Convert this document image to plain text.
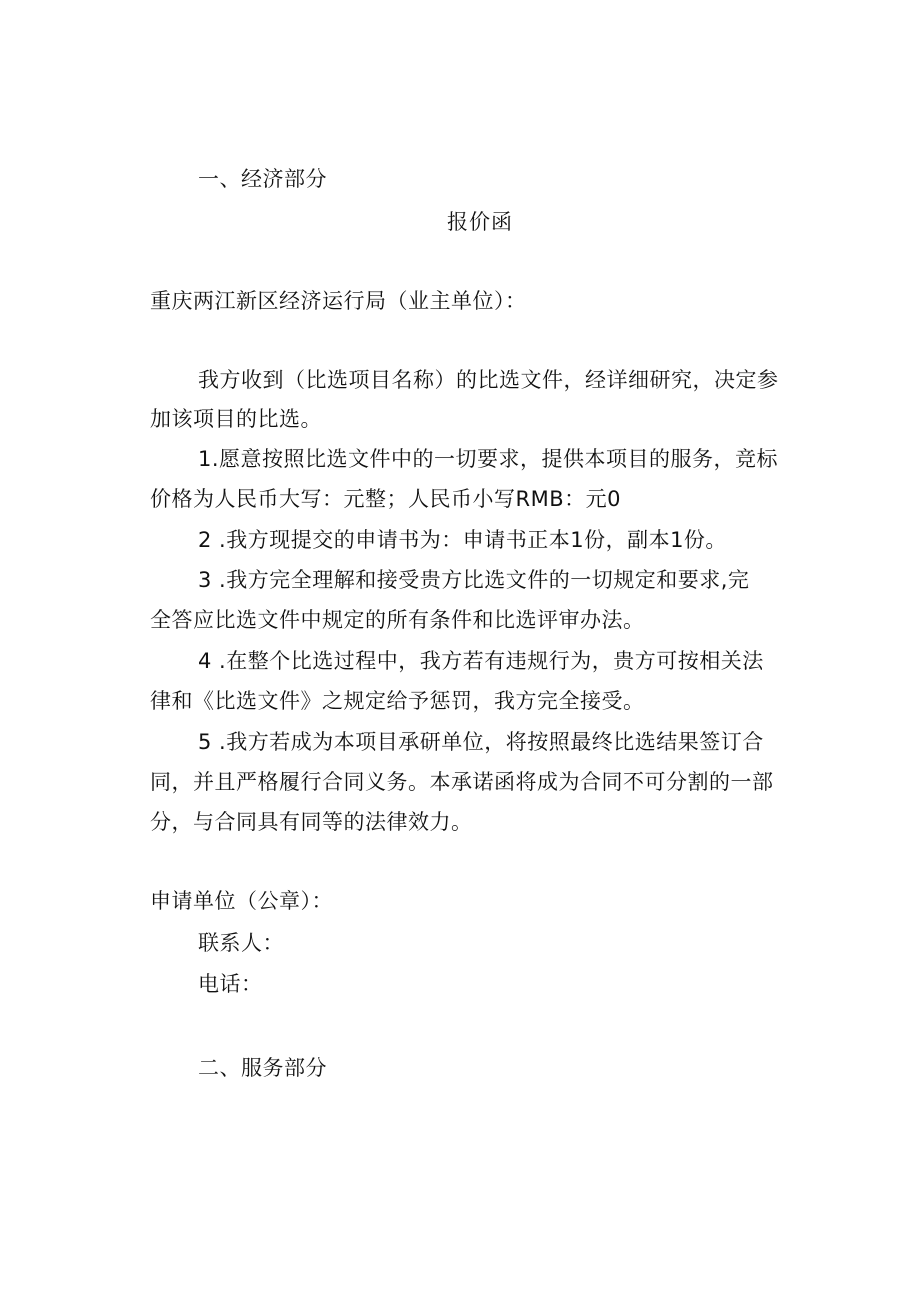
一、经济部分
报价函
重庆两江新区经济运行局（业主单位）：
我方收到（比选项目名称）的比选文件，经详细研究，决定参
加该项目的比选。
1.愿意按照比选文件中的一切要求，提供本项目的服务，竞标
价格为人民币大写：元整；人民币小写RMB：元0
2 .我方现提交的申请书为：申请书正本1份，副本1份。
3 .我方完全理解和接受贵方比选文件的一切规定和要求,完
全答应比选文件中规定的所有条件和比选评审办法。
4 .在整个比选过程中，我方若有违规行为，贵方可按相关法
律和《比选文件》之规定给予惩罚，我方完全接受。
5 .我方若成为本项目承研单位，将按照最终比选结果签订合
同，并且严格履行合同义务。本承诺函将成为合同不可分割的一部
分，与合同具有同等的法律效力。
申请单位（公章）：
联系人：
电话：
二、服务部分
